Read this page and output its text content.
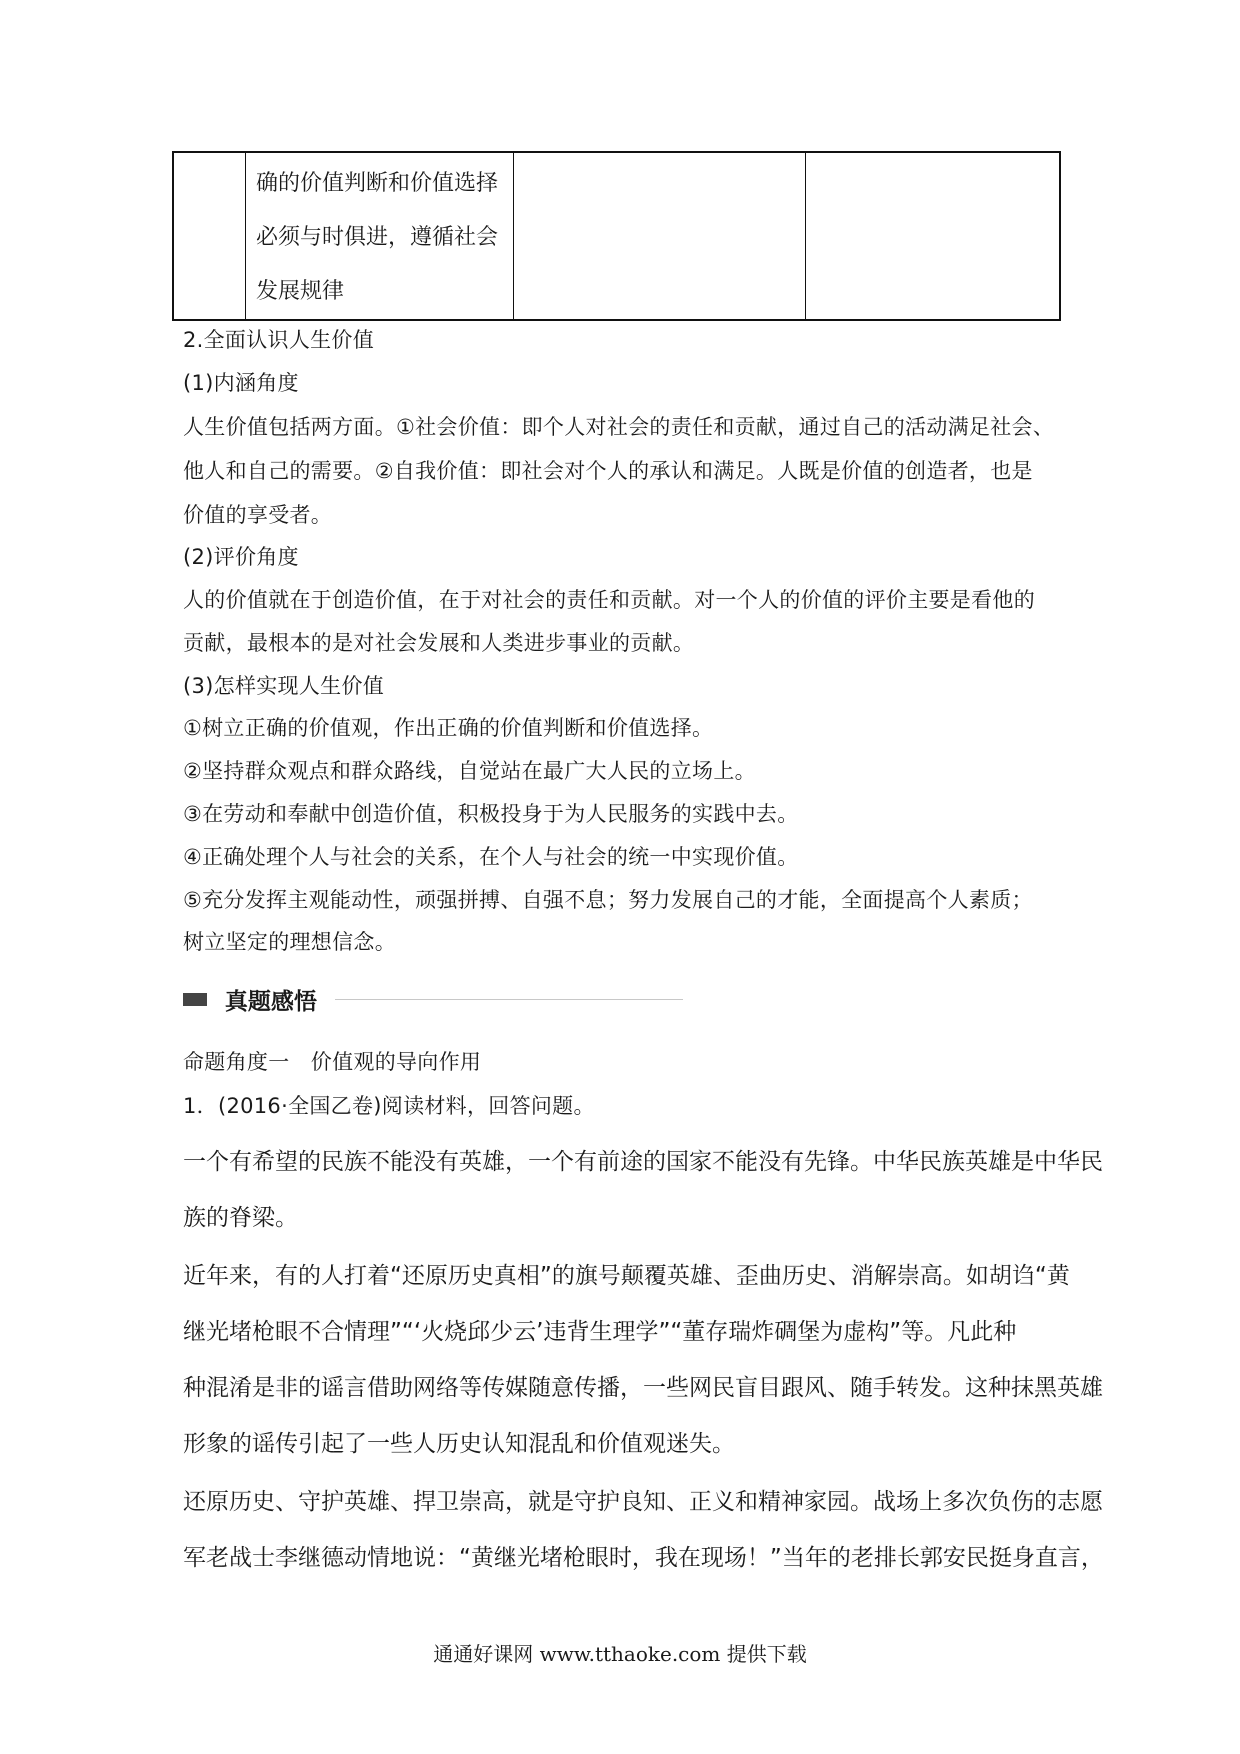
确的价值判断和价值选择
必须与时俱进，遵循社会
发展规律
2.全面认识人生价值
(1)内涵角度
人生价值包括两方面。①社会价值：即个人对社会的责任和贡献，通过自己的活动满足社会、
他人和自己的需要。②自我价值：即社会对个人的承认和满足。人既是价值的创造者，也是
价值的享受者。
(2)评价角度
人的价值就在于创造价值，在于对社会的责任和贡献。对一个人的价值的评价主要是看他的
贡献，最根本的是对社会发展和人类进步事业的贡献。
(3)怎样实现人生价值
①树立正确的价值观，作出正确的价值判断和价值选择。
②坚持群众观点和群众路线，自觉站在最广大人民的立场上。
③在劳动和奉献中创造价值，积极投身于为人民服务的实践中去。
④正确处理个人与社会的关系，在个人与社会的统一中实现价值。
⑤充分发挥主观能动性，顽强拼搏、自强不息；努力发展自己的才能，全面提高个人素质；
树立坚定的理想信念。
真题感悟
命题角度一　价值观的导向作用
1．(2016·全国乙卷)阅读材料，回答问题。
一个有希望的民族不能没有英雄，一个有前途的国家不能没有先锋。中华民族英雄是中华民
族的脊梁。
近年来，有的人打着“还原历史真相”的旗号颠覆英雄、歪曲历史、消解崇高。如胡诌“黄
继光堵枪眼不合情理”“‘火烧邱少云’违背生理学”“董存瑞炸碉堡为虚构”等。凡此种
种混淆是非的谣言借助网络等传媒随意传播，一些网民盲目跟风、随手转发。这种抹黑英雄
形象的谣传引起了一些人历史认知混乱和价值观迷失。
还原历史、守护英雄、捍卫崇高，就是守护良知、正义和精神家园。战场上多次负伤的志愿
军老战士李继德动情地说：“黄继光堵枪眼时，我在现场！”当年的老排长郭安民挺身直言，
通通好课网 www.tthaoke.com 提供下载
